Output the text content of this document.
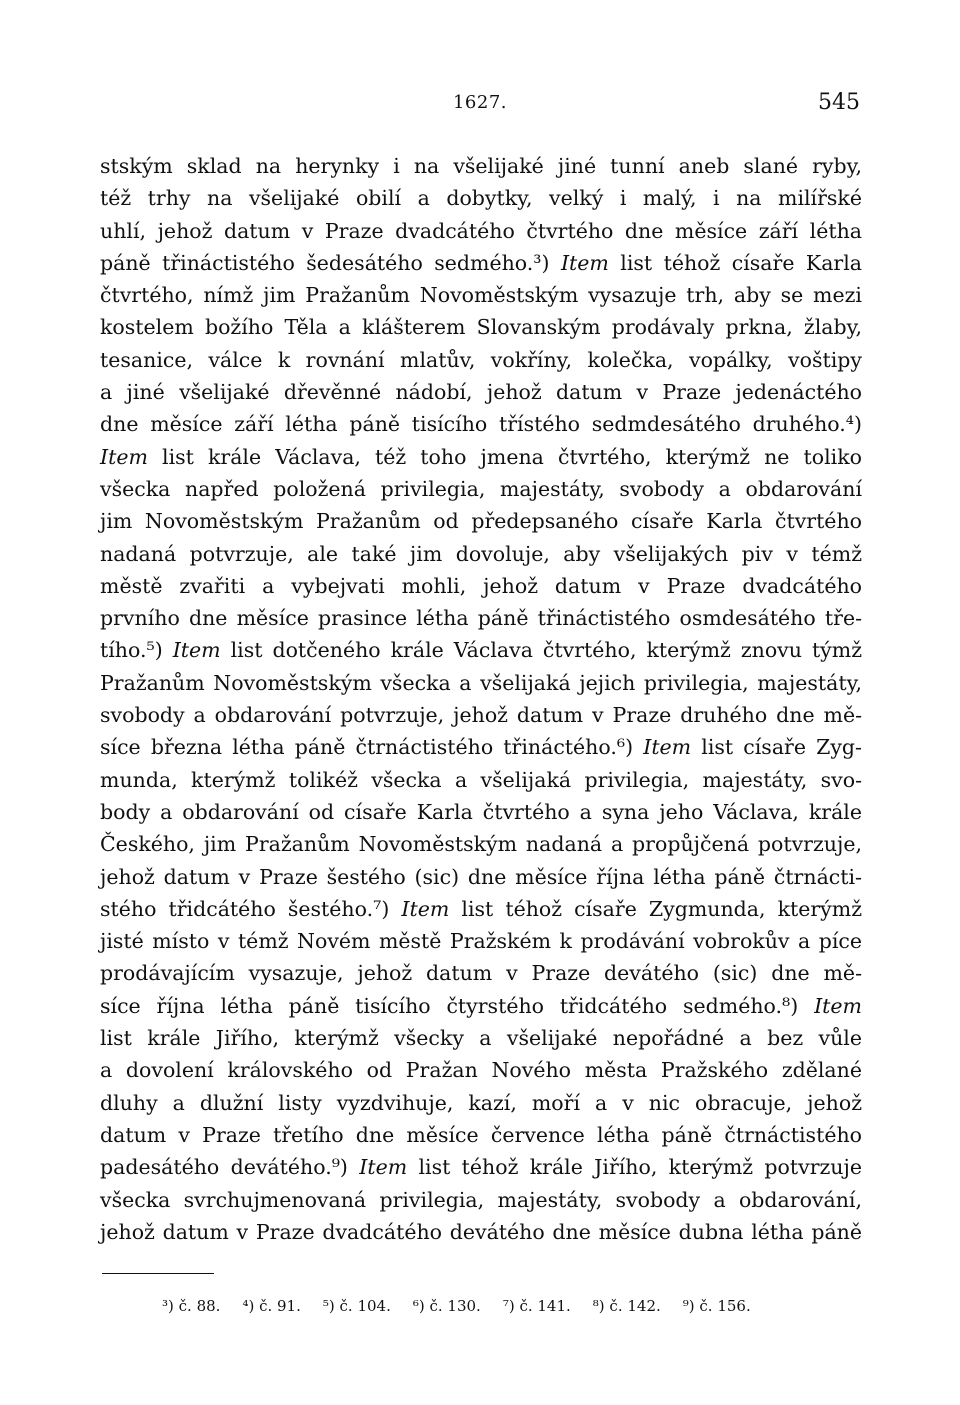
1627.	545
stským sklad na herynky i na všelijaké jiné tunní aneb slané ryby,
též trhy na všelijaké obilí a dobytky, velký i malý, i na milířské
uhlí, jehož datum v Praze dvadcátého čtvrtého dne měsíce září létha
páně třináctistého šedesátého sedmého.³) Item list téhož císaře Karla
čtvrtého, nímž jim Pražanům Novoměstským vysazuje trh, aby se mezi
kostelem božího Těla a klášterem Slovanským prodávaly prkna, žlaby,
tesanice, válce k rovnání mlatův, vokříny, kolečka, vopálky, voštipy
a jiné všelijaké dřevěnné nádobí, jehož datum v Praze jedenáctého
dne měsíce září létha páně tisícího třístého sedmdesátého druhého.⁴)
Item list krále Václava, též toho jmena čtvrtého, kterýmž ne toliko
všecka napřed položená privilegia, majestáty, svobody a obdarování
jim Novoměstským Pražanům od předepsaného císaře Karla čtvrtého
nadaná potvrzuje, ale také jim dovoluje, aby všelijakých piv v témž
městě zvařiti a vybejvati mohli, jehož datum v Praze dvadcátého
prvního dne měsíce prasince létha páně třináctistého osmdesátého tře-
tího.⁵) Item list dotčeného krále Václava čtvrtého, kterýmž znovu týmž
Pražanům Novoměstským všecka a všelijaká jejich privilegia, majestáty,
svobody a obdarování potvrzuje, jehož datum v Praze druhého dne mě-
síce března létha páně čtrnáctistého třináctého.⁶) Item list císaře Zyg-
munda, kterýmž tolikéž všecka a všelijaká privilegia, majestáty, svo-
body a obdarování od císaře Karla čtvrtého a syna jeho Václava, krále
Českého, jim Pražanům Novoměstským nadaná a propůjčená potvrzuje,
jehož datum v Praze šestého (sic) dne měsíce října létha páně čtrnácti-
stého třidcátého šestého.⁷) Item list téhož císaře Zygmunda, kterýmž
jisté místo v témž Novém městě Pražském k prodávání vobrokův a píce
prodávajícím vysazuje, jehož datum v Praze devátého (sic) dne mě-
síce října létha páně tisícího čtyrstého třidcátého sedmého.⁸) Item
list krále Jiřího, kterýmž všecky a všelijaké nepořádné a bez vůle
a dovolení královského od Pražan Nového města Pražského zdělané
dluhy a dlužní listy vyzdvihuje, kazí, moří a v nic obracuje, jehož
datum v Praze třetího dne měsíce července létha páně čtrnáctistého
padesátého devátého.⁹) Item list téhož krále Jiřího, kterýmž potvrzuje
všecka svrchujmenovaná privilegia, majestáty, svobody a obdarování,
jehož datum v Praze dvadcátého devátého dne měsíce dubna létha páně
³) č. 88. ⁴) č. 91. ⁵) č. 104. ⁶) č. 130. ⁷) č. 141. ⁸) č. 142. ⁹) č. 156.
